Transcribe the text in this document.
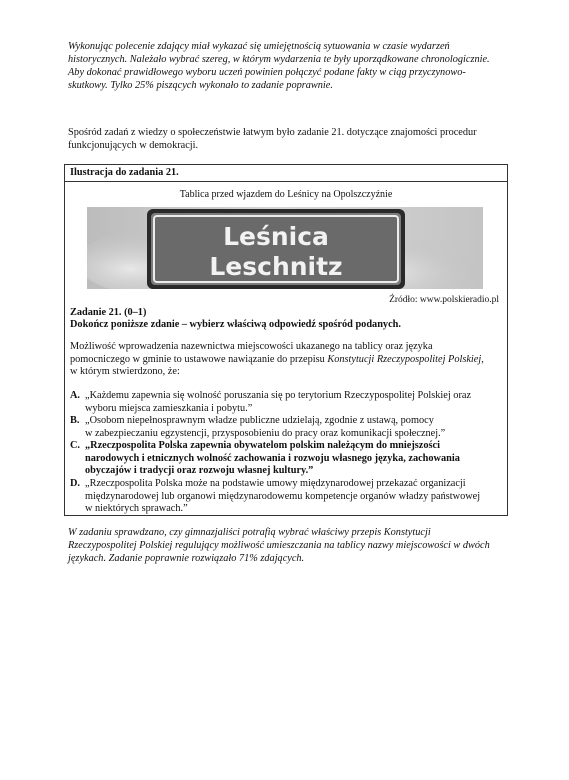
Wykonując polecenie zdający miał wykazać się umiejętnością sytuowania w czasie wydarzeń
historycznych. Należało wybrać szereg, w którym wydarzenia te były uporządkowane chronologicznie.
Aby dokonać prawidłowego wyboru uczeń powinien połączyć podane fakty w ciąg przyczynowo-
skutkowy. Tylko 25% piszących wykonało to zadanie poprawnie.
Spośród zadań z wiedzy o społeczeństwie łatwym było zadanie 21. dotyczące znajomości procedur
funkcjonujących w demokracji.
Ilustracja do zadania 21.
Tablica przed wjazdem do Leśnicy na Opolszczyźnie
Leśnica
Leschnitz
Źródło: www.polskieradio.pl
Zadanie 21. (0–1)
Dokończ poniższe zdanie – wybierz właściwą odpowiedź spośród podanych.
Możliwość wprowadzenia nazewnictwa miejscowości ukazanego na tablicy oraz języka
pomocniczego w gminie to ustawowe nawiązanie do przepisu Konstytucji Rzeczypospolitej Polskiej,
w którym stwierdzono, że:
A. „Każdemu zapewnia się wolność poruszania się po terytorium Rzeczypospolitej Polskiej oraz
wyboru miejsca zamieszkania i pobytu.”
B. „Osobom niepełnosprawnym władze publiczne udzielają, zgodnie z ustawą, pomocy
w zabezpieczaniu egzystencji, przysposobieniu do pracy oraz komunikacji społecznej.”
C. „Rzeczpospolita Polska zapewnia obywatelom polskim należącym do mniejszości
narodowych i etnicznych wolność zachowania i rozwoju własnego języka, zachowania
obyczajów i tradycji oraz rozwoju własnej kultury.”
D. „Rzeczpospolita Polska może na podstawie umowy międzynarodowej przekazać organizacji
międzynarodowej lub organowi międzynarodowemu kompetencje organów władzy państwowej
w niektórych sprawach.”
W zadaniu sprawdzano, czy gimnazjaliści potrafią wybrać właściwy przepis Konstytucji
Rzeczypospolitej Polskiej regulujący możliwość umieszczania na tablicy nazwy miejscowości w dwóch
językach. Zadanie poprawnie rozwiązało 71% zdających.
